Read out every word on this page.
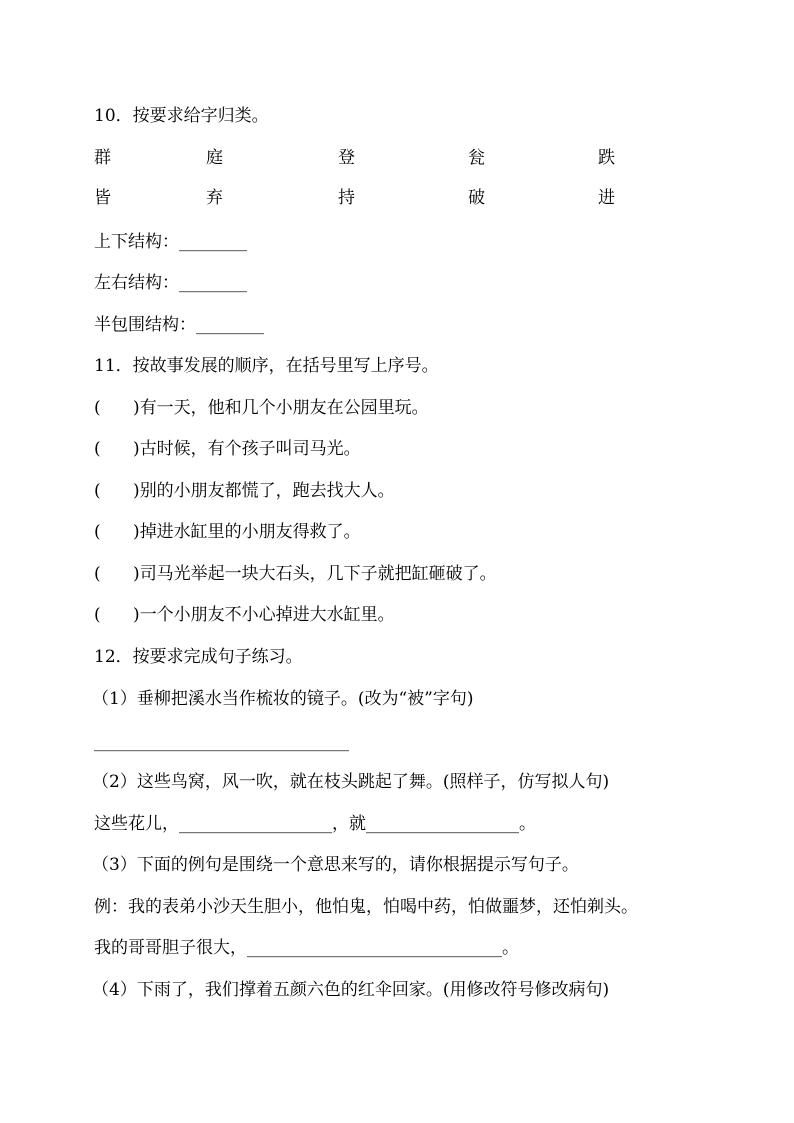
10．按要求给字归类。
群	庭	登	瓮	跌
皆	弃	持	破	进
上下结构：________
左右结构：________
半包围结构：________
11．按故事发展的顺序，在括号里写上序号。
(      )有一天，他和几个小朋友在公园里玩。
(      )古时候，有个孩子叫司马光。
(      )别的小朋友都慌了，跑去找大人。
(      )掉进水缸里的小朋友得救了。
(      )司马光举起一块大石头，几下子就把缸砸破了。
(      )一个小朋友不小心掉进大水缸里。
12．按要求完成句子练习。
（1）垂柳把溪水当作梳妆的镜子。(改为“被”字句)
______________________________
（2）这些鸟窝，风一吹，就在枝头跳起了舞。(照样子，仿写拟人句)
这些花儿，__________________，就__________________。
（3）下面的例句是围绕一个意思来写的，请你根据提示写句子。
例：我的表弟小沙天生胆小，他怕鬼，怕喝中药，怕做噩梦，还怕剃头。
我的哥哥胆子很大，______________________________。
（4）下雨了，我们撑着五颜六色的红伞回家。(用修改符号修改病句)
